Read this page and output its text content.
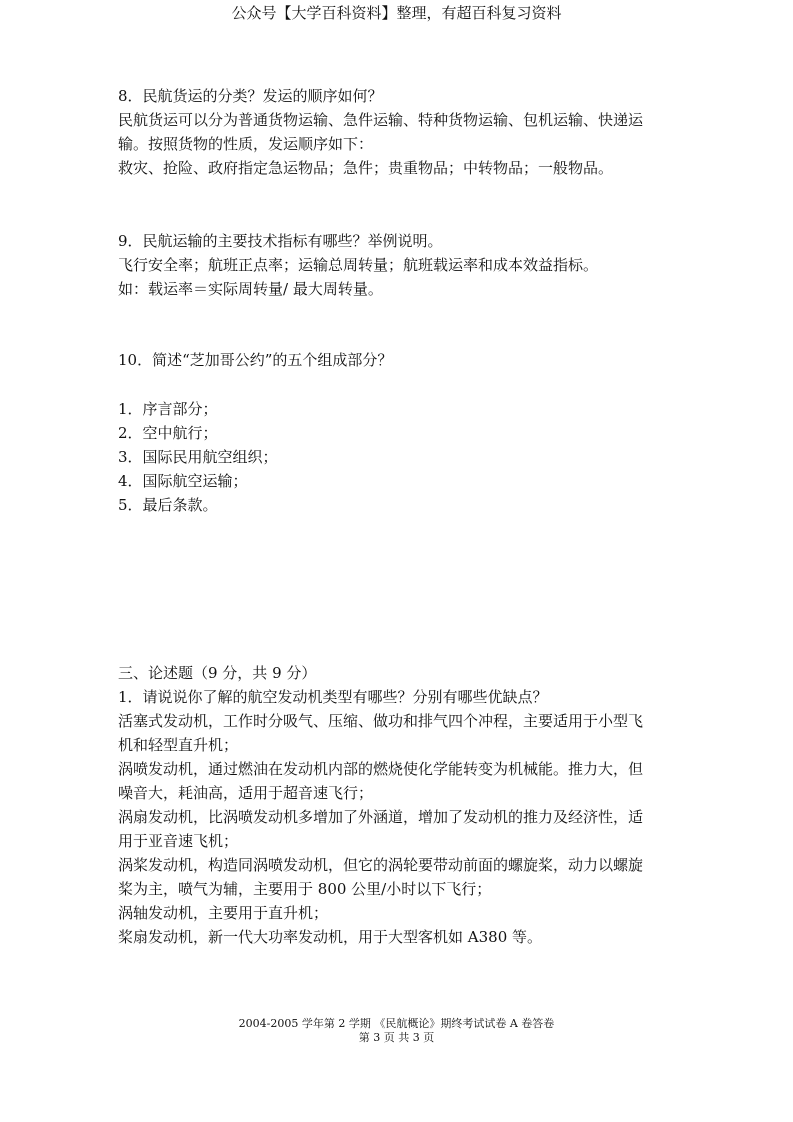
公众号【大学百科资料】整理，有超百科复习资料
8．民航货运的分类？发运的顺序如何？
民航货运可以分为普通货物运输、急件运输、特种货物运输、包机运输、快递运
输。按照货物的性质，发运顺序如下：
救灾、抢险、政府指定急运物品；急件；贵重物品；中转物品；一般物品。
9．民航运输的主要技术指标有哪些？举例说明。
飞行安全率；航班正点率；运输总周转量；航班载运率和成本效益指标。
如：载运率＝实际周转量/ 最大周转量。
10．简述“芝加哥公约”的五个组成部分？
1．序言部分；
2．空中航行；
3．国际民用航空组织；
4．国际航空运输；
5．最后条款。
三、论述题（9 分，共 9 分）
1．请说说你了解的航空发动机类型有哪些？分别有哪些优缺点？
活塞式发动机，工作时分吸气、压缩、做功和排气四个冲程，主要适用于小型飞
机和轻型直升机；
涡喷发动机，通过燃油在发动机内部的燃烧使化学能转变为机械能。推力大，但
噪音大，耗油高，适用于超音速飞行；
涡扇发动机，比涡喷发动机多增加了外涵道，增加了发动机的推力及经济性，适
用于亚音速飞机；
涡桨发动机，构造同涡喷发动机，但它的涡轮要带动前面的螺旋桨，动力以螺旋
桨为主，喷气为辅，主要用于 800 公里/小时以下飞行；
涡轴发动机，主要用于直升机；
桨扇发动机，新一代大功率发动机，用于大型客机如 A380 等。
2004-2005 学年第 2 学期 《民航概论》期终考试试卷 A 卷答卷
第 3 页 共 3 页
